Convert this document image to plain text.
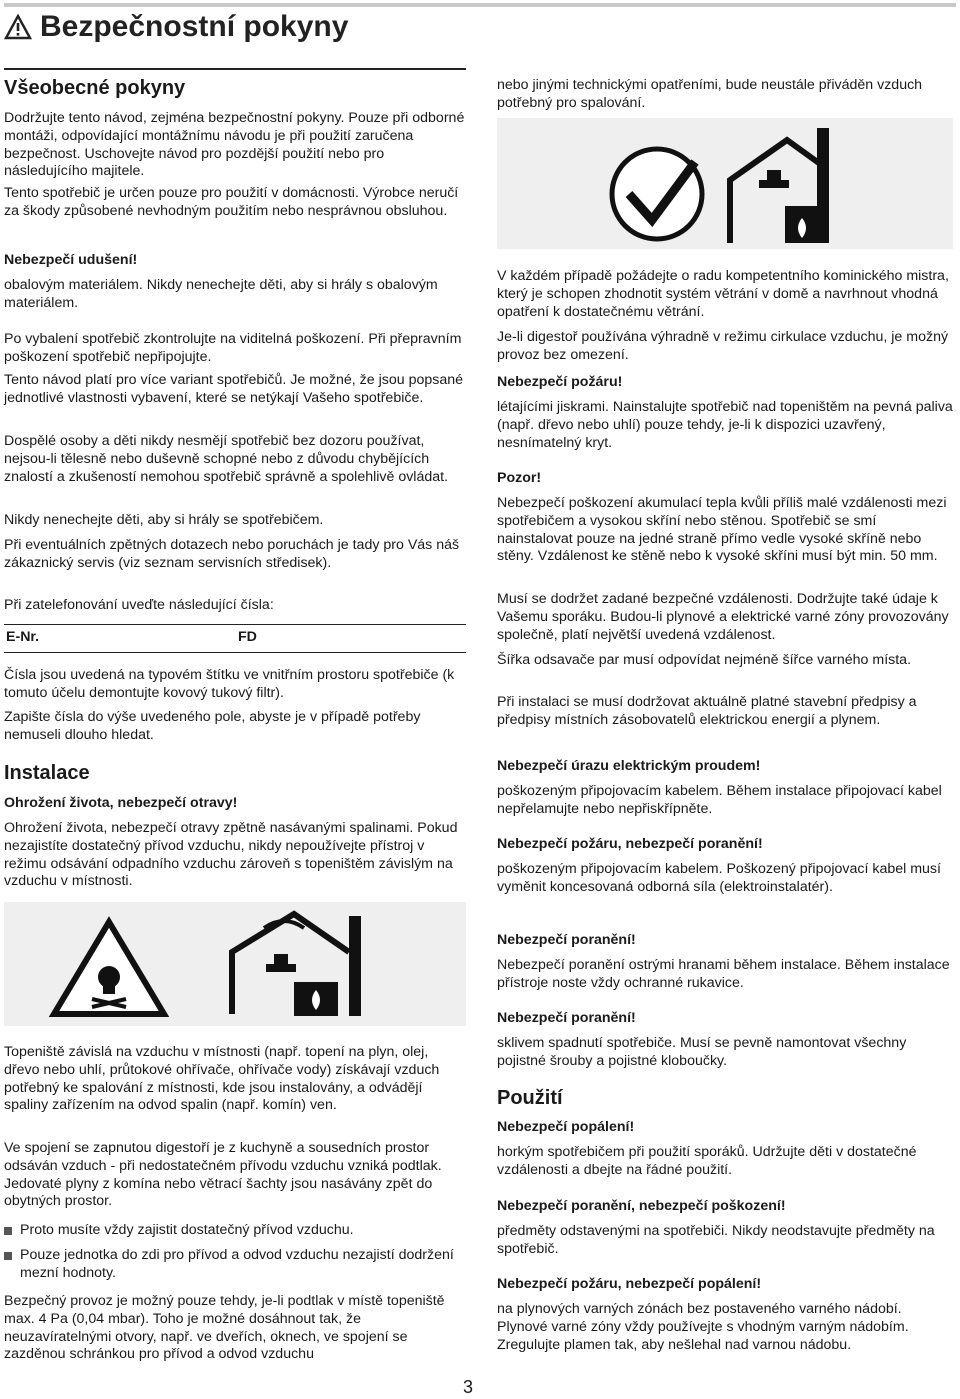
Bezpečnostní pokyny
Všeobecné pokyny

Dodržujte tento návod, zejména bezpečnostní pokyny. Pouze při odborné montáži, odpovídající montážnímu návodu je při použití zaručena bezpečnost. Uschovejte návod pro pozdější použití nebo pro následujícího majitele.

Tento spotřebič je určen pouze pro použití v domácnosti. Výrobce neručí za škody způsobené nevhodným použitím nebo nesprávnou obsluhou.

Nebezpečí udušení!

obalovým materiálem. Nikdy nenechejte děti, aby si hrály s obalovým materiálem.

Po vybalení spotřebič zkontrolujte na viditelná poškození. Při přepravním poškození spotřebič nepřipojujte.

Tento návod platí pro více variant spotřebičů. Je možné, že jsou popsané jednotlivé vlastnosti vybavení, které se netýkají Vašeho spotřebiče.

Dospělé osoby a děti nikdy nesmějí spotřebič bez dozoru používat, nejsou-li tělesně nebo duševně schopné nebo z důvodu chybějících znalostí a zkušeností nemohou spotřebič správně a spolehlivě ovládat.

Nikdy nenechejte děti, aby si hrály se spotřebičem.

Při eventuálních zpětných dotazech nebo poruchách je tady pro Vás náš zákaznický servis (viz seznam servisních středisek).

Při zatelefonování uveďte následující čísla:

E-Nr.	FD

Čísla jsou uvedená na typovém štítku ve vnitřním prostoru spotřebiče (k tomuto účelu demontujte kovový tukový filtr).

Zapište čísla do výše uvedeného pole, abyste je v případě potřeby nemuseli dlouho hledat.

Instalace

Ohrožení života, nebezpečí otravy!

Ohrožení života, nebezpečí otravy zpětně nasávanými spalinami. Pokud nezajistíte dostatečný přívod vzduchu, nikdy nepoužívejte přístroj v režimu odsávání odpadního vzduchu zároveň s topeništěm závislým na vzduchu v místnosti.

Topeniště závislá na vzduchu v místnosti (např. topení na plyn, olej, dřevo nebo uhlí, průtokové ohřívače, ohřívače vody) získávají vzduch potřebný ke spalování z místnosti, kde jsou instalovány, a odvádějí spaliny zařízením na odvod spalin (např. komín) ven.

Ve spojení se zapnutou digestoří je z kuchyně a sousedních prostor odsáván vzduch - při nedostatečném přívodu vzduchu vzniká podtlak. Jedovaté plyny z komína nebo větrací šachty jsou nasávány zpět do obytných prostor.

Proto musíte vždy zajistit dostatečný přívod vzduchu.
Pouze jednotka do zdi pro přívod a odvod vzduchu nezajistí dodržení mezní hodnoty.

Bezpečný provoz je možný pouze tehdy, je-li podtlak v místě topeniště max. 4 Pa (0,04 mbar). Toho je možné dosáhnout tak, že neuzavíratelnými otvory, např. ve dveřích, oknech, ve spojení se zazděnou schránkou pro přívod a odvod vzduchu

nebo jinými technickými opatřeními, bude neustále přiváděn vzduch potřebný pro spalování.

V každém případě požádejte o radu kompetentního kominického mistra, který je schopen zhodnotit systém větrání v domě a navrhnout vhodná opatření k dostatečnému větrání.

Je-li digestoř používána výhradně v režimu cirkulace vzduchu, je možný provoz bez omezení.

Nebezpečí požáru!

létajícími jiskrami. Nainstalujte spotřebič nad topeništěm na pevná paliva (např. dřevo nebo uhlí) pouze tehdy, je-li k dispozici uzavřený, nesnímatelný kryt.

Pozor!

Nebezpečí poškození akumulací tepla kvůli příliš malé vzdálenosti mezi spotřebičem a vysokou skříní nebo stěnou. Spotřebič se smí nainstalovat pouze na jedné straně přímo vedle vysoké skříně nebo stěny. Vzdálenost ke stěně nebo k vysoké skříni musí být min. 50 mm.

Musí se dodržet zadané bezpečné vzdálenosti. Dodržujte také údaje k Vašemu sporáku. Budou-li plynové a elektrické varné zóny provozovány společně, platí největší uvedená vzdálenost.

Šířka odsavače par musí odpovídat nejméně šířce varného místa.

Při instalaci se musí dodržovat aktuálně platné stavební předpisy a předpisy místních zásobovatelů elektrickou energií a plynem.

Nebezpečí úrazu elektrickým proudem!

poškozeným připojovacím kabelem. Během instalace připojovací kabel nepřelamujte nebo nepřiskřípněte.

Nebezpečí požáru, nebezpečí poranění!

poškozeným připojovacím kabelem. Poškozený připojovací kabel musí vyměnit koncesovaná odborná síla (elektroinstalatér).

Nebezpečí poranění!

Nebezpečí poranění ostrými hranami během instalace. Během instalace přístroje noste vždy ochranné rukavice.

Nebezpečí poranění!

sklivem spadnutí spotřebiče. Musí se pevně namontovat všechny pojistné šrouby a pojistné kloboučky.

Použití

Nebezpečí popálení!

horkým spotřebičem při použití sporáků. Udržujte děti v dostatečné vzdálenosti a dbejte na řádné použití.

Nebezpečí poranění, nebezpečí poškození!

předměty odstavenými na spotřebiči. Nikdy neodstavujte předměty na spotřebič.

Nebezpečí požáru, nebezpečí popálení!

na plynových varných zónách bez postaveného varného nádobí. Plynové varné zóny vždy používejte s vhodným varným nádobím. Zregulujte plamen tak, aby nešlehal nad varnou nádobu.

3
